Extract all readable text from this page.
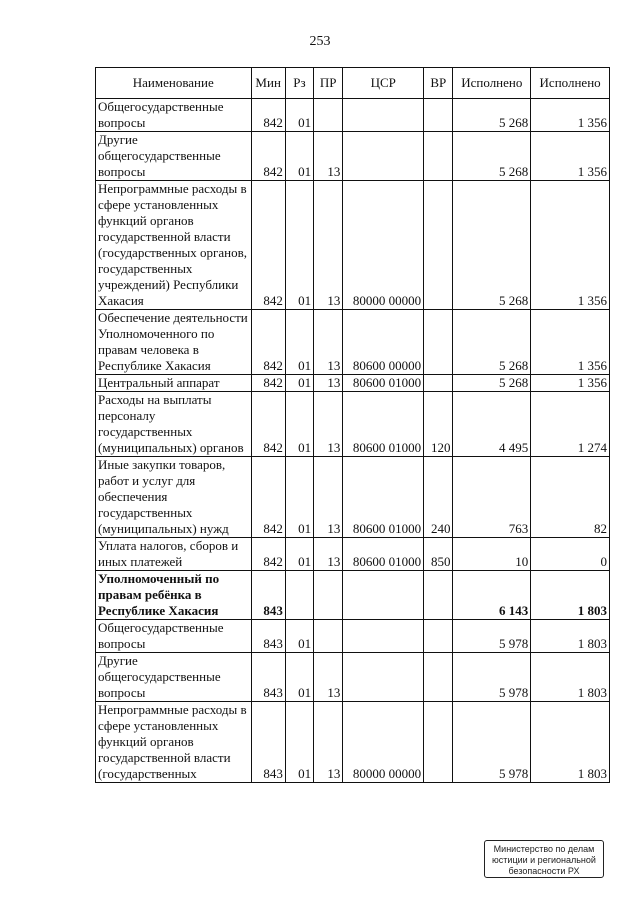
253
Наименование	Мин	Рз	ПР	ЦСР	ВР	Исполнено	Исполнено
Общегосударственные вопросы	842	01				5 268	1 356
Другие общегосударственные вопросы	842	01	13			5 268	1 356
Непрограммные расходы в сфере установленных функций органов государственной власти (государственных органов, государственных учреждений) Республики Хакасия	842	01	13	80000 00000		5 268	1 356
Обеспечение деятельности Уполномоченного по правам человека в Республике Хакасия	842	01	13	80600 00000		5 268	1 356
Центральный аппарат	842	01	13	80600 01000		5 268	1 356
Расходы на выплаты персоналу государственных (муниципальных) органов	842	01	13	80600 01000	120	4 495	1 274
Иные закупки товаров, работ и услуг для обеспечения государственных (муниципальных) нужд	842	01	13	80600 01000	240	763	82
Уплата налогов, сборов и иных платежей	842	01	13	80600 01000	850	10	0
Уполномоченный по правам ребёнка в Республике Хакасия	843					6 143	1 803
Общегосударственные вопросы	843	01				5 978	1 803
Другие общегосударственные вопросы	843	01	13			5 978	1 803
Непрограммные расходы в сфере установленных функций органов государственной власти (государственных	843	01	13	80000 00000		5 978	1 803
Министерство по делам
юстиции и региональной
безопасности РХ
